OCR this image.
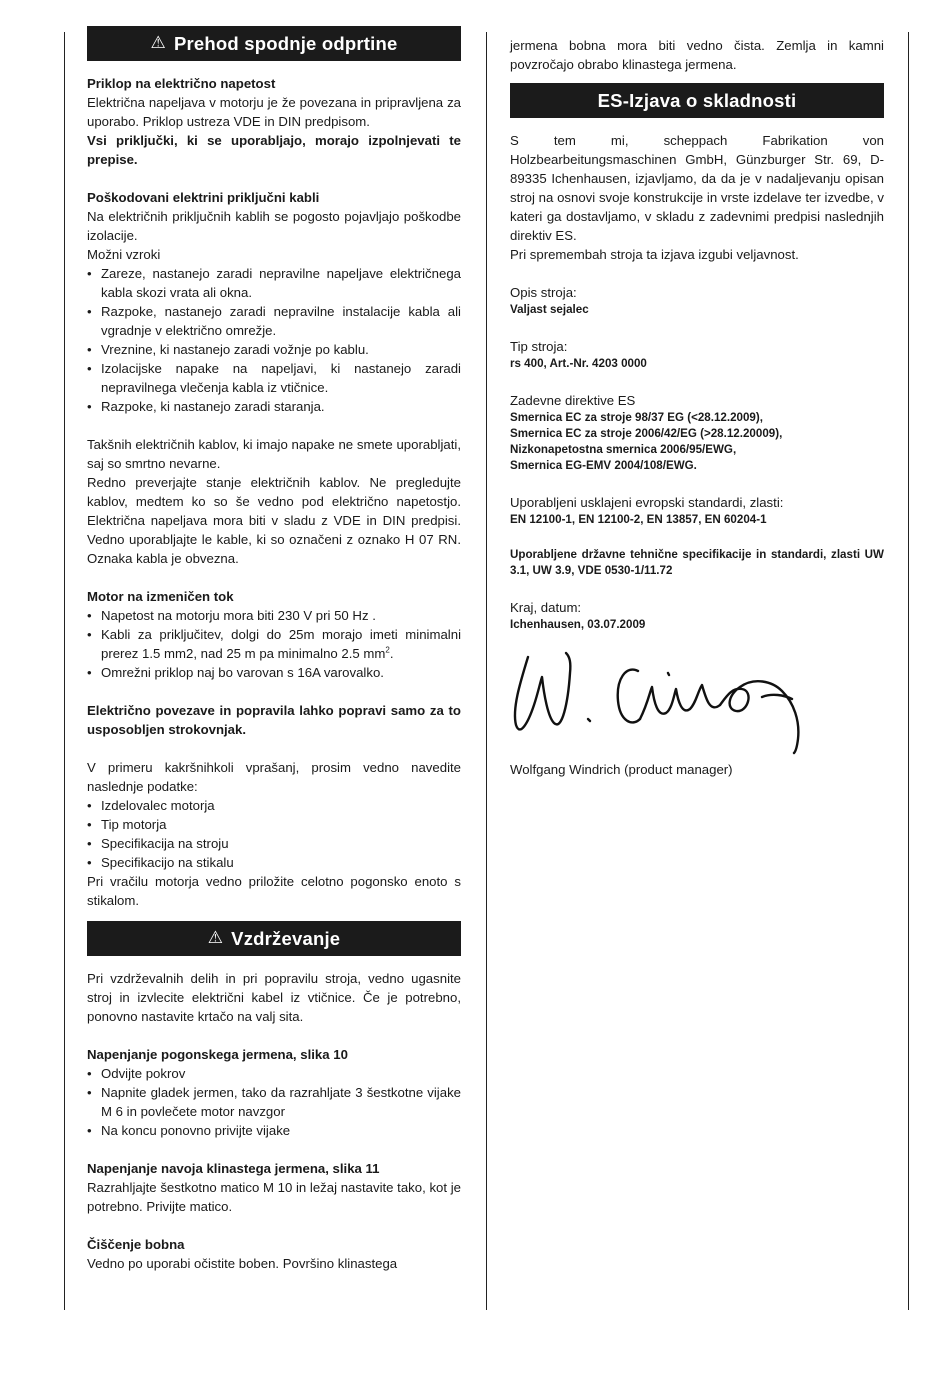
⚠ Prehod spodnje odprtine

Priklop na električno napetost

Električna napeljava v motorju je že povezana in pripravljena za uporabo. Priklop ustreza VDE in DIN predpisom.

Vsi priključki, ki se uporabljajo, morajo izpolnjevati te prepise.

Poškodovani elektrini priključni kabli

Na električnih priključnih kablih se pogosto pojavljajo poškodbe izolacije.

Možni vzroki

• Zareze, nastanejo zaradi nepravilne napeljave električnega kabla skozi vrata ali okna.
• Razpoke, nastanejo zaradi nepravilne instalacije kabla ali vgradnje v električno omrežje.
• Vreznine, ki nastanejo zaradi vožnje po kablu.
• Izolacijske napake na napeljavi, ki nastanejo zaradi nepravilnega vlečenja kabla iz vtičnice.
• Razpoke, ki nastanejo zaradi staranja.

Takšnih električnih kablov, ki imajo napake ne smete uporabljati, saj so smrtno nevarne.

Redno preverjajte stanje električnih kablov. Ne pregledujte kablov, medtem ko so še vedno pod električno napetostjo. Električna napeljava mora biti v sladu z VDE in DIN predpisi. Vedno uporabljajte le kable, ki so označeni z oznako H 07 RN. Oznaka kabla je obvezna.

Motor na izmeničen tok

• Napetost na motorju mora biti 230 V pri 50 Hz .
• Kabli za priključitev, dolgi do 25m morajo imeti minimalni prerez 1.5 mm2, nad 25 m pa minimalno 2.5 $mm^2$.
• Omrežni priklop naj bo varovan s 16A varovalko.

Električno povezave in popravila lahko popravi samo za to usposobljen strokovnjak.

V primeru kakršnihkoli vprašanj, prosim vedno navedite naslednje podatke:

• Izdelovalec motorja
• Tip motorja
• Specifikacija na stroju
• Specifikacijo na stikalu

Pri vračilu motorja vedno priložite celotno pogonsko enoto s stikalom.

⚠ Vzdrževanje

Pri vzdrževalnih delih in pri popravilu stroja, vedno ugasnite stroj in izvlecite električni kabel iz vtičnice. Če je potrebno, ponovno nastavite krtačo na valj sita.

Napenjanje pogonskega jermena, slika 10

• Odvijte pokrov
• Napnite gladek jermen, tako da razrahljate 3 šestkotne vijake M 6 in povlečete motor navzgor
• Na koncu ponovno privijte vijake

Napenjanje navoja klinastega jermena, slika 11

Razrahljajte šestkotno matico M 10 in ležaj nastavite tako, kot je potrebno. Privijte matico.

Čiščenje bobna

Vedno po uporabi očistite boben. Površino klinastega

jermena bobna mora biti vedno čista. Zemlja in kamni povzročajo obrabo klinastega jermena.

ES-Izjava o skladnosti

S tem mi, scheppach Fabrikation von Holzbearbeitungsmaschinen GmbH, Günzburger Str. 69, D-89335 Ichenhausen, izjavljamo, da da je v nadaljevanju opisan stroj na osnovi svoje konstrukcije in vrste izdelave ter izvedbe, v kateri ga dostavljamo, v skladu z zadevnimi predpisi naslednjih direktiv ES.

Pri spremembah stroja ta izjava izgubi veljavnost.

Opis stroja:

Valjast sejalec

Tip stroja:

rs 400, Art.-Nr. 4203 0000

Zadevne direktive ES

Smernica EC za stroje 98/37 EG (<28.12.2009),

Smernica EC za stroje 2006/42/EG (>28.12.20009),

Nizkonapetostna smernica 2006/95/EWG,

Smernica EG-EMV 2004/108/EWG.

Uporabljeni usklajeni evropski standardi, zlasti:

EN 12100-1, EN 12100-2, EN 13857, EN 60204-1

Uporabljene državne tehnične specifikacije in standardi, zlasti UW 3.1, UW 3.9, VDE 0530-1/11.72

Kraj, datum:

Ichenhausen, 03.07.2009

W. Windrich

Wolfgang Windrich (product manager)
